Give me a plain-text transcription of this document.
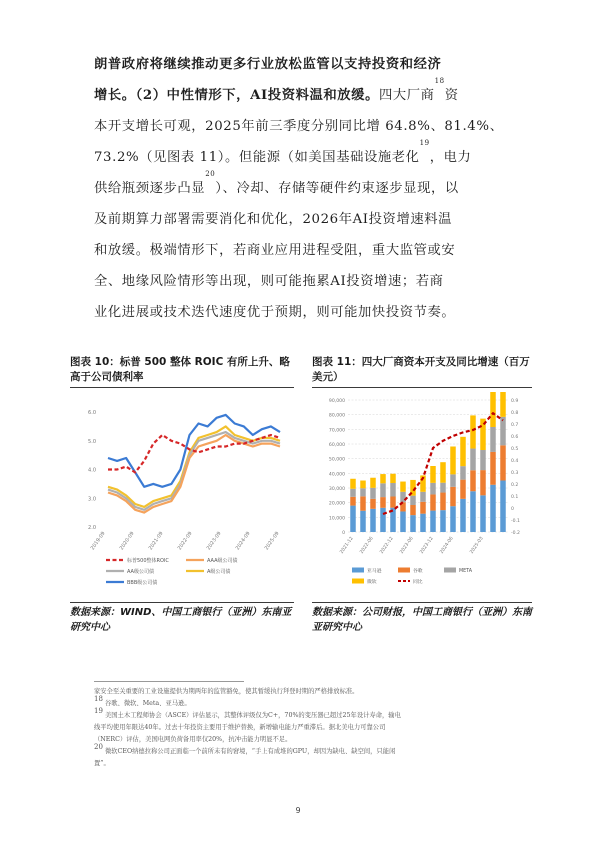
朗普政府将继续推动更多行业放松监管以支持投资和经济

增长。（2）中性情形下，AI投资料温和放缓。四大厂商$^{18}$资

本开支增长可观，2025年前三季度分别同比增 64.8%、81.4%、

73.2%（见图表 11）。但能源（如美国基础设施老化$^{19}$，电力

供给瓶颈逐步凸显$^{20}$）、冷却、存储等硬件约束逐步显现，以

及前期算力部署需要消化和优化，2026年AI投资增速料温

和放缓。极端情形下，若商业应用进程受阻，重大监管或安

全、地缘风险情形等出现，则可能拖累AI投资增速；若商

业化进展或技术迭代速度优于预期，则可能加快投资节奏。

图表 10：标普 500 整体 ROIC 有所上升、略高于公司债利率
图表 11：四大厂商资本开支及同比增速（百万美元）
2.0
3.0
4.0
5.0
6.0
2019-09 2020-09 2021-09 2022-09 2023-09 2024-09 2025-09
标普500整体ROIC	AAA级公司债
AA级公司债	A级公司债
BBB级公司债
0
10,000
20,000
30,000
40,000
50,000
60,000
70,000
80,000
90,000
-0.2
-0.1
0
0.1
0.2
0.3
0.4
0.5
0.6
0.7
0.8
0.9
2021-12 2022-06 2022-12 2023-06 2023-12 2024-06	2025-03
亚马逊	谷歌	META
微软	同比
数据来源：WIND、中国工商银行（亚洲）东南亚研究中心
数据来源：公司财报，中国工商银行（亚洲）东南亚研究中心

家安全至关重要的工业设施提供为期两年的监管豁免，使其暂缓执行拜登时期的严格排放标准。

$^{18}$ 谷歌、微软、Meta、亚马逊。

$^{19}$ 美国土木工程师协会（ASCE）评估显示，其整体评级仅为C+，70%的变压器已超过25年设计寿命，输电

线平均使用年限达40年。过去十年投资主要用于维护替换，新增输电能力严重滞后。据北美电力可靠公司

（NERC）评估，美国电网负荷备用率仅20%，抗冲击能力明显不足。

$^{20}$ 微软CEO纳德拉称公司正面临一个前所未有的窘境，“手上有成堆的GPU，却因为缺电、缺空间，只能闲

置”。

9
